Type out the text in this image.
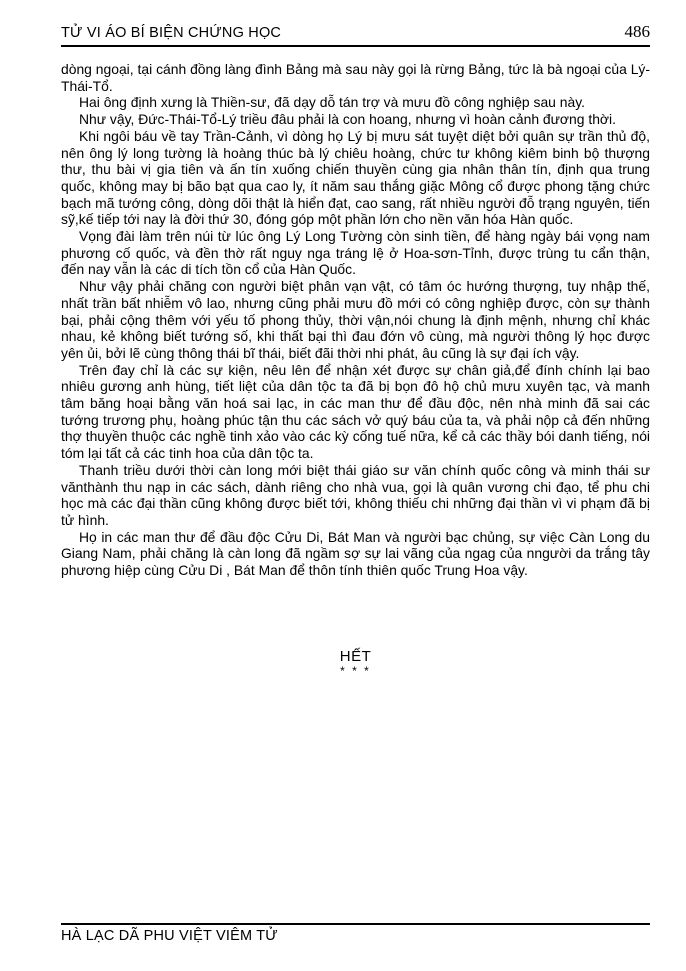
TỬ VI ÁO BÍ BIỆN CHỨNG HỌC	486

dòng ngoại, tại cánh đồng làng đình Bảng mà sau này gọi là rừng Bảng, tức là bà ngoại của Lý-Thái-Tổ.

Hai ông định xưng là Thiền-sư, đã dạy dỗ tán trợ và mưu đồ công nghiệp sau này.

Như vậy, Đức-Thái-Tổ-Lý triều đâu phải là con hoang, nhưng vì hoàn cảnh đương thời.

Khi ngôi báu về tay Trần-Cảnh, vì dòng họ Lý bị mưu sát tuyệt diệt bởi quân sự trần thủ độ, nên ông lý long tường là hoàng thúc bà lý chiêu hoàng, chức tư không kiêm binh bộ thượng thư, thu bài vị gia tiên và ấn tín xuống chiến thuyền cùng gia nhân thân tín, định qua trung quốc, không may bị bão bạt qua cao ly, ít năm sau thắng giặc Mông cổ được phong tặng chức bạch mã tướng công, dòng dõi thật là hiển đạt, cao sang, rất nhiều người đỗ trạng nguyên, tiến sỹ,kế tiếp tới nay là đời thứ 30, đóng góp một phần lớn cho nền văn hóa Hàn quốc.

Vọng đài làm trên núi từ lúc ông Lý Long Tường còn sinh tiền, để hàng ngày bái vọng nam phương cố quốc, và đền thờ rất nguy nga tráng lệ ở Hoa-sơn-Tỉnh, được trùng tu cẩn thận, đến nay vẫn là các di tích tồn cổ của Hàn Quốc.

Như vậy phải chăng con người biệt phân vạn vật, có tâm óc hướng thượng, tuy nhập thế, nhất trần bất nhiễm vô lao, nhưng cũng phải mưu đồ mới có công nghiệp được, còn sự thành bại, phải cộng thêm với yếu tố phong thủy, thời vận,nói chung là định mệnh, nhưng chỉ khác nhau, kẻ không biết tướng số, khi thất bại thì đau đớn vô cùng, mà người thông lý học được yên ủi, bởi lẽ cùng thông thái bĩ thái, biết đãi thời nhi phát, âu cũng là sự đại ích vậy.

Trên đay chỉ là các sự kiện, nêu lên để nhận xét được sự chân giả,để đính chính lại bao nhiêu gương anh hùng, tiết liệt của dân tộc ta đã bị bọn đô hộ chủ mưu xuyên tạc, và manh tâm băng hoại bằng văn hoá sai lạc, in các man thư để đầu độc, nên nhà minh đã sai các tướng trương phụ, hoàng phúc tận thu các sách vở quý báu của ta, và phải nộp cả đến những thợ thuyền thuộc các nghề tinh xảo vào các kỳ cống tuế nữa, kể cả các thầy bói danh tiếng, nói tóm lại tất cả các tinh hoa của dân tộc ta.

Thanh triều dưới thời càn long mới biệt thái giáo sư văn chính quốc công và minh thái sư vănthành thu nạp in các sách, dành riêng cho nhà vua, gọi là quân vương chi đạo, tể phu chi học mà các đại thần cũng không được biết tới, không thiếu chi những đại thần vì vi phạm đã bị tử hình.

Họ in các man thư để đầu độc Cửu Di, Bát Man và người bạc chủng, sự việc Càn Long du Giang Nam, phải chăng là càn long đã ngầm sợ sự lai vãng của ngag của nngười da trắng tây phương hiệp cùng Cửu Di , Bát Man để thôn tính thiên quốc Trung Hoa vậy.

HẾT
* * *
HÀ LẠC DÃ PHU VIỆT VIÊM TỬ
